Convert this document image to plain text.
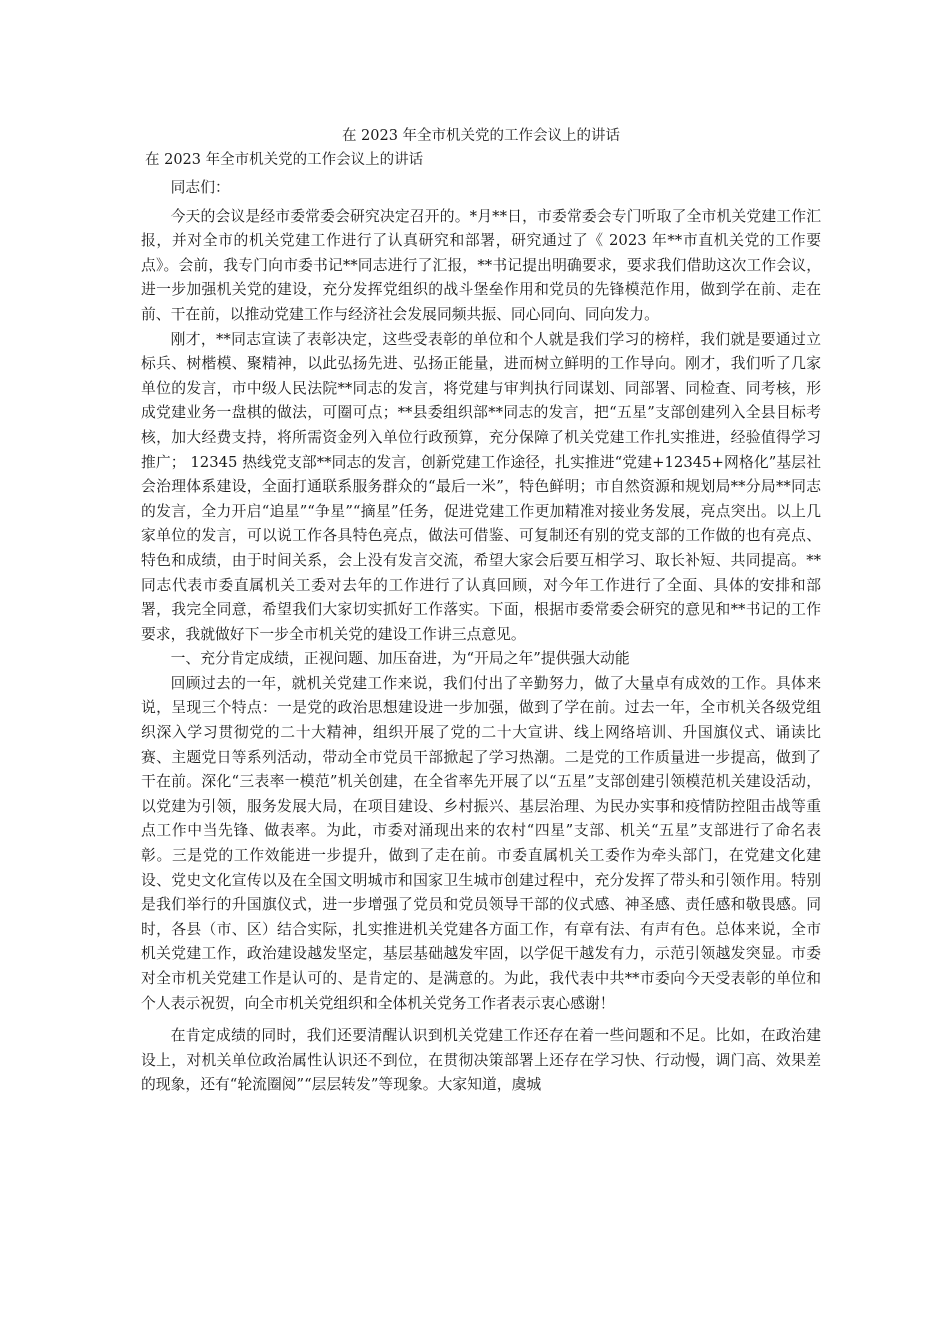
在 2023 年全市机关党的工作会议上的讲话
在 2023 年全市机关党的工作会议上的讲话

同志们：

今天的会议是经市委常委会研究决定召开的。*月**日，市委常委会专门听取了全市机关党建工作汇报，并对全市的机关党建工作进行了认真研究和部署，研究通过了《 2023 年**市直机关党的工作要点》。会前，我专门向市委书记**同志进行了汇报，**书记提出明确要求，要求我们借助这次工作会议，进一步加强机关党的建设，充分发挥党组织的战斗堡垒作用和党员的先锋模范作用，做到学在前、走在前、干在前，以推动党建工作与经济社会发展同频共振、同心同向、同向发力。

刚才，**同志宣读了表彰决定，这些受表彰的单位和个人就是我们学习的榜样，我们就是要通过立标兵、树楷模、聚精神，以此弘扬先进、弘扬正能量，进而树立鲜明的工作导向。刚才，我们听了几家单位的发言，市中级人民法院**同志的发言，将党建与审判执行同谋划、同部署、同检查、同考核，形成党建业务一盘棋的做法，可圈可点；**县委组织部**同志的发言，把“五星”支部创建列入全县目标考核，加大经费支持，将所需资金列入单位行政预算，充分保障了机关党建工作扎实推进，经验值得学习推广； 12345 热线党支部**同志的发言，创新党建工作途径，扎实推进“党建+12345+网格化”基层社会治理体系建设，全面打通联系服务群众的“最后一米”，特色鲜明；市自然资源和规划局**分局**同志的发言，全力开启“追星”“争星”“摘星”任务，促进党建工作更加精准对接业务发展，亮点突出。以上几家单位的发言，可以说工作各具特色亮点，做法可借鉴、可复制还有别的党支部的工作做的也有亮点、特色和成绩，由于时间关系，会上没有发言交流，希望大家会后要互相学习、取长补短、共同提高。**同志代表市委直属机关工委对去年的工作进行了认真回顾，对今年工作进行了全面、具体的安排和部署，我完全同意，希望我们大家切实抓好工作落实。下面，根据市委常委会研究的意见和**书记的工作要求，我就做好下一步全市机关党的建设工作讲三点意见。

一、充分肯定成绩，正视问题、加压奋进，为“开局之年”提供强大动能

回顾过去的一年，就机关党建工作来说，我们付出了辛勤努力，做了大量卓有成效的工作。具体来说，呈现三个特点：一是党的政治思想建设进一步加强，做到了学在前。过去一年，全市机关各级党组织深入学习贯彻党的二十大精神，组织开展了党的二十大宣讲、线上网络培训、升国旗仪式、诵读比赛、主题党日等系列活动，带动全市党员干部掀起了学习热潮。二是党的工作质量进一步提高，做到了干在前。深化“三表率一模范”机关创建，在全省率先开展了以“五星”支部创建引领模范机关建设活动，以党建为引领，服务发展大局，在项目建设、乡村振兴、基层治理、为民办实事和疫情防控阻击战等重点工作中当先锋、做表率。为此，市委对涌现出来的农村“四星”支部、机关“五星”支部进行了命名表彰。三是党的工作效能进一步提升，做到了走在前。市委直属机关工委作为牵头部门，在党建文化建设、党史文化宣传以及在全国文明城市和国家卫生城市创建过程中，充分发挥了带头和引领作用。特别是我们举行的升国旗仪式，进一步增强了党员和党员领导干部的仪式感、神圣感、责任感和敬畏感。同时，各县（市、区）结合实际，扎实推进机关党建各方面工作，有章有法、有声有色。总体来说，全市机关党建工作，政治建设越发坚定，基层基础越发牢固，以学促干越发有力，示范引领越发突显。市委对全市机关党建工作是认可的、是肯定的、是满意的。为此，我代表中共**市委向今天受表彰的单位和个人表示祝贺，向全市机关党组织和全体机关党务工作者表示衷心感谢！

在肯定成绩的同时，我们还要清醒认识到机关党建工作还存在着一些问题和不足。比如，在政治建设上，对机关单位政治属性认识还不到位，在贯彻决策部署上还存在学习快、行动慢，调门高、效果差的现象，还有“轮流圈阅”“层层转发”等现象。大家知道，虞城
